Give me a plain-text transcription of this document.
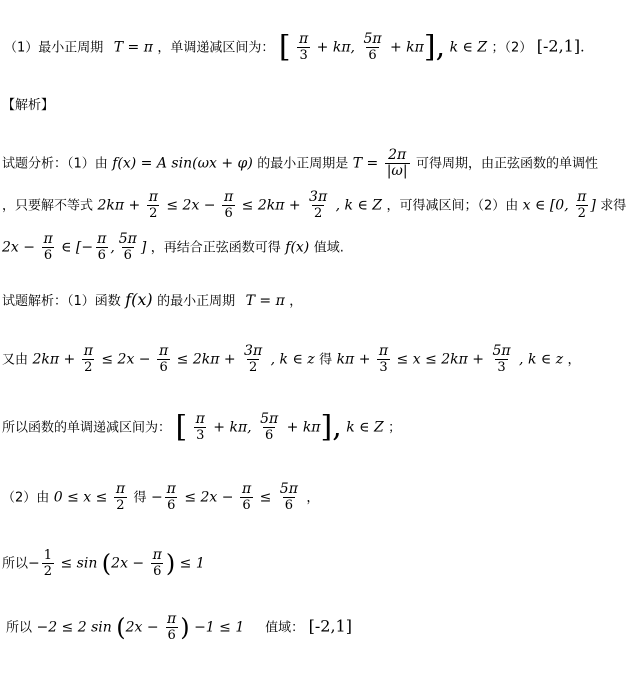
（1）最小正周期 T = π ，单调递减区间为： [ $\frac{\pi}{3} + k\pi$, $\frac{5\pi}{6} + k\pi$], k ∈ Z ；（2） [-2,1].
【解析】
试题分析：（1）由 f(x) = A sin(ωx + φ) 的最小正周期是 $T = \frac{2\pi}{|\omega|}$ 可得周期，由正弦函数的单调性
，只要解不等式 $2k\pi + \frac{\pi}{2} \le 2x - \frac{\pi}{6} \le 2k\pi + \frac{3\pi}{2}$ , k ∈ Z ，可得减区间；（2）由 x ∈ [0, $\frac{\pi}{2}$ ] 求得
$2x - \frac{\pi}{6}$ ∈ [− $\frac{\pi}{6}$ , $\frac{5\pi}{6}$ ] ，再结合正弦函数可得 f(x) 值域.
试题解析：（1）函数 f(x) 的最小正周期 T = π ，
又由 $2k\pi + \frac{\pi}{2} \le 2x - \frac{\pi}{6} \le 2k\pi + \frac{3\pi}{2}$ , k ∈ z 得 $k\pi + \frac{\pi}{3} \le x \le 2k\pi + \frac{5\pi}{3}$ , k ∈ z ，
所以函数的单调递减区间为： [ $\frac{\pi}{3} + k\pi$, $\frac{5\pi}{6} + k\pi$], k ∈ Z ；
（2）由 $0 \le x \le \frac{\pi}{2}$ 得 − $\frac{\pi}{6} \le 2x - \frac{\pi}{6} \le \frac{5\pi}{6}$ ，
所以− $\frac{1}{2} \le \sin (2x - \frac{\pi}{6}$ ) ≤ 1
所以 −2 ≤ 2 $\sin (2x - \frac{\pi}{6}$ ) −1 ≤ 1 值域： [-2,1]
